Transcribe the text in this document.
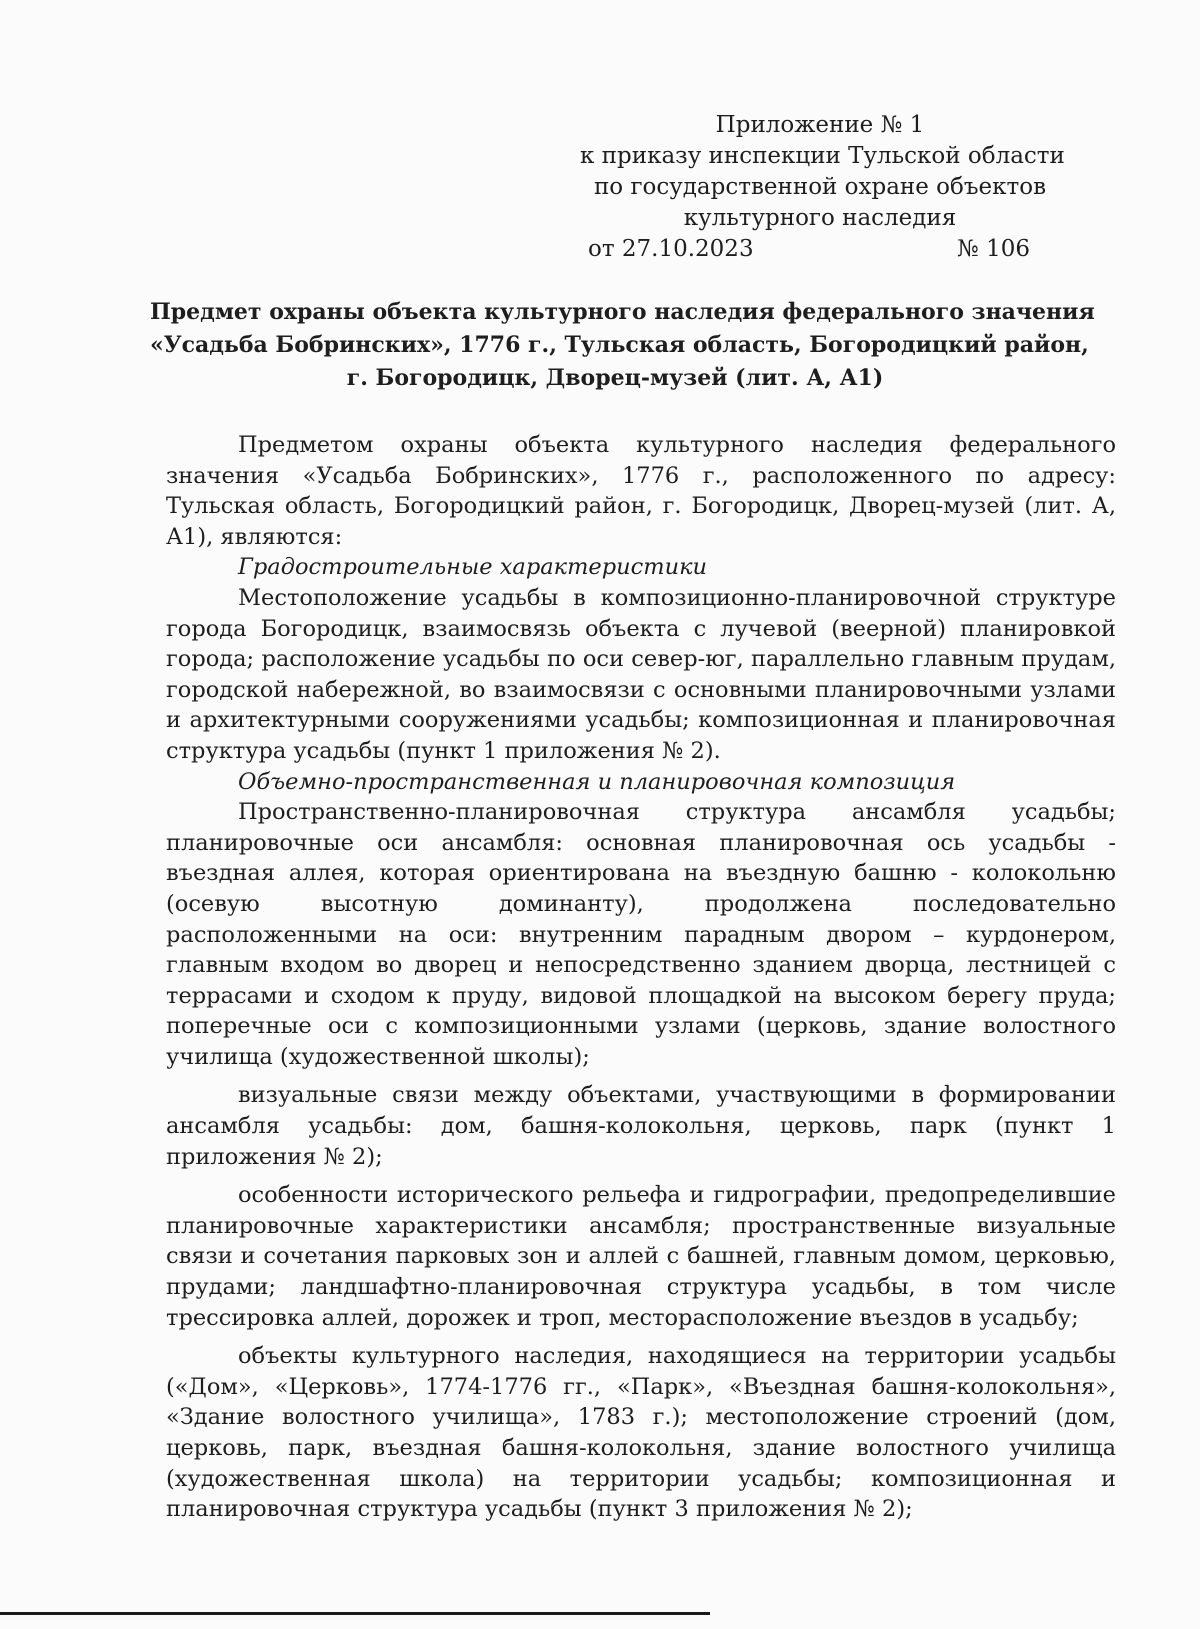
Приложение № 1
к приказу инспекции Тульской области
по государственной охране объектов
культурного наследия
от 27.10.2023	№ 106
Предмет охраны объекта культурного наследия федерального значения
«Усадьба Бобринских», 1776 г., Тульская область, Богородицкий район,
г. Богородицк, Дворец-музей (лит. А, А1)

Предметом охраны объекта культурного наследия федерального значения «Усадьба Бобринских», 1776 г., расположенного по адресу: Тульская область, Богородицкий район, г. Богородицк, Дворец-музей (лит. А, А1), являются:

Градостроительные характеристики

Местоположение усадьбы в композиционно-планировочной структуре города Богородицк, взаимосвязь объекта с лучевой (веерной) планировкой города; расположение усадьбы по оси север-юг, параллельно главным прудам, городской набережной, во взаимосвязи с основными планировочными узлами и архитектурными сооружениями усадьбы; композиционная и планировочная структура усадьбы (пункт 1 приложения № 2).

Объемно-пространственная и планировочная композиция

Пространственно-планировочная структура ансамбля усадьбы; планировочные оси ансамбля: основная планировочная ось усадьбы - въездная аллея, которая ориентирована на въездную башню - колокольню (осевую высотную доминанту), продолжена последовательно расположенными на оси: внутренним парадным двором – курдонером, главным входом во дворец и непосредственно зданием дворца, лестницей с террасами и сходом к пруду, видовой площадкой на высоком берегу пруда; поперечные оси с композиционными узлами (церковь, здание волостного училища (художественной школы);

визуальные связи между объектами, участвующими в формировании ансамбля усадьбы: дом, башня-колокольня, церковь, парк (пункт 1 приложения № 2);

особенности исторического рельефа и гидрографии, предопределившие планировочные характеристики ансамбля; пространственные визуальные связи и сочетания парковых зон и аллей с башней, главным домом, церковью, прудами; ландшафтно-планировочная структура усадьбы, в том числе трессировка аллей, дорожек и троп, месторасположение въездов в усадьбу;

объекты культурного наследия, находящиеся на территории усадьбы («Дом», «Церковь», 1774-1776 гг., «Парк», «Въездная башня-колокольня», «Здание волостного училища», 1783 г.); местоположение строений (дом, церковь, парк, въездная башня-колокольня, здание волостного училища (художественная школа) на территории усадьбы; композиционная и планировочная структура усадьбы (пункт 3 приложения № 2);
